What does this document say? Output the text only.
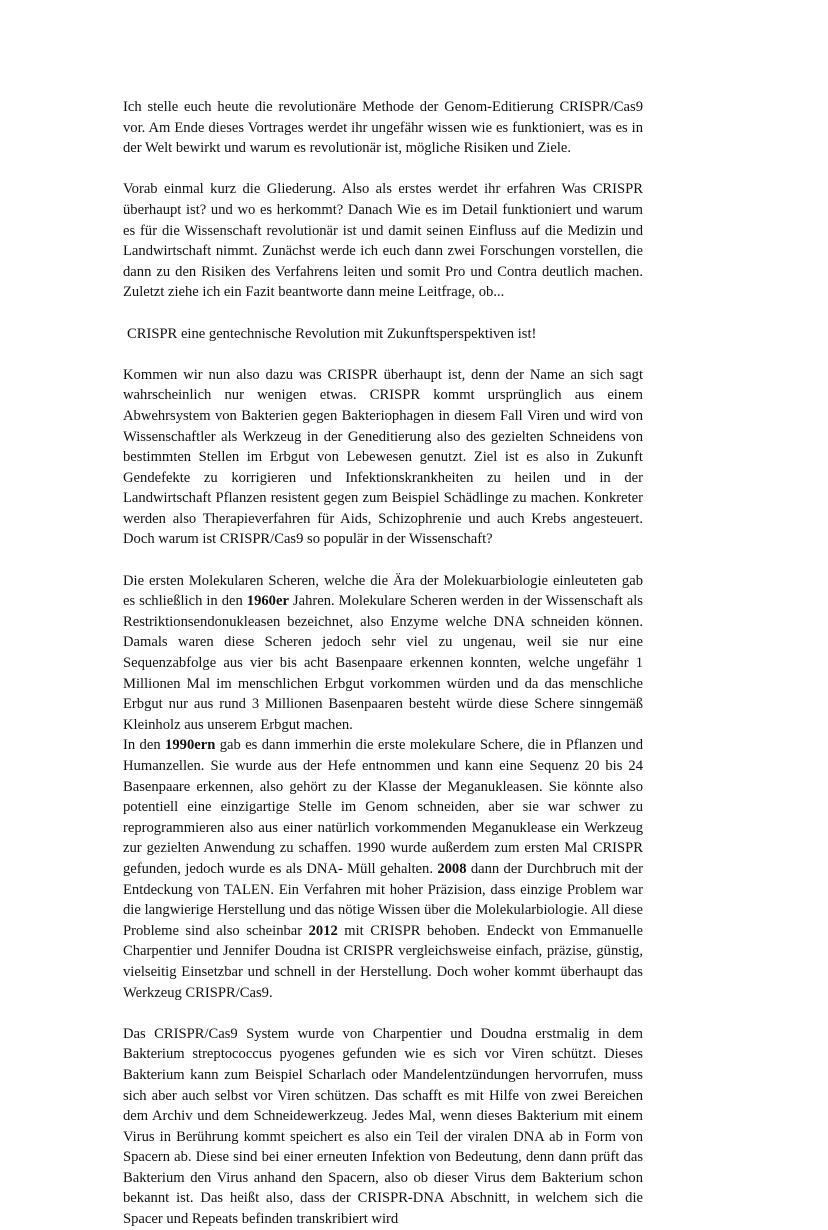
Ich stelle euch heute die revolutionäre Methode der Genom-Editierung CRISPR/Cas9 vor. Am Ende dieses Vortrages werdet ihr ungefähr wissen wie es funktioniert, was es in der Welt bewirkt und warum es revolutionär ist, mögliche Risiken und Ziele.

Vorab einmal kurz die Gliederung. Also als erstes werdet ihr erfahren Was CRISPR überhaupt ist? und wo es herkommt? Danach Wie es im Detail funktioniert und warum es für die Wissenschaft revolutionär ist und damit seinen Einfluss auf die Medizin und Landwirtschaft nimmt. Zunächst werde ich euch dann zwei Forschungen vorstellen, die dann zu den Risiken des Verfahrens leiten und somit Pro und Contra deutlich machen. Zuletzt ziehe ich ein Fazit beantworte dann meine Leitfrage, ob...

CRISPR eine gentechnische Revolution mit Zukunftsperspektiven ist!

Kommen wir nun also dazu was CRISPR überhaupt ist, denn der Name an sich sagt wahrscheinlich nur wenigen etwas. CRISPR kommt ursprünglich aus einem Abwehrsystem von Bakterien gegen Bakteriophagen in diesem Fall Viren und wird von Wissenschaftler als Werkzeug in der Geneditierung also des gezielten Schneidens von bestimmten Stellen im Erbgut von Lebewesen genutzt. Ziel ist es also in Zukunft Gendefekte zu korrigieren und Infektionskrankheiten zu heilen und in der Landwirtschaft Pflanzen resistent gegen zum Beispiel Schädlinge zu machen. Konkreter werden also Therapieverfahren für Aids, Schizophrenie und auch Krebs angesteuert. Doch warum ist CRISPR/Cas9 so populär in der Wissenschaft?

Die ersten Molekularen Scheren, welche die Ära der Molekuarbiologie einleuteten gab es schließlich in den 1960er Jahren. Molekulare Scheren werden in der Wissenschaft als Restriktionsendonukleasen bezeichnet, also Enzyme welche DNA schneiden können. Damals waren diese Scheren jedoch sehr viel zu ungenau, weil sie nur eine Sequenzabfolge aus vier bis acht Basenpaare erkennen konnten, welche ungefähr 1 Millionen Mal im menschlichen Erbgut vorkommen würden und da das menschliche Erbgut nur aus rund 3 Millionen Basenpaaren besteht würde diese Schere sinngemäß Kleinholz aus unserem Erbgut machen.

In den 1990ern gab es dann immerhin die erste molekulare Schere, die in Pflanzen und Humanzellen. Sie wurde aus der Hefe entnommen und kann eine Sequenz 20 bis 24 Basenpaare erkennen, also gehört zu der Klasse der Meganukleasen. Sie könnte also potentiell eine einzigartige Stelle im Genom schneiden, aber sie war schwer zu reprogrammieren also aus einer natürlich vorkommenden Meganuklease ein Werkzeug zur gezielten Anwendung zu schaffen. 1990 wurde außerdem zum ersten Mal CRISPR gefunden, jedoch wurde es als DNA- Müll gehalten. 2008 dann der Durchbruch mit der Entdeckung von TALEN. Ein Verfahren mit hoher Präzision, dass einzige Problem war die langwierige Herstellung und das nötige Wissen über die Molekularbiologie. All diese Probleme sind also scheinbar 2012 mit CRISPR behoben. Endeckt von Emmanuelle Charpentier und Jennifer Doudna ist CRISPR vergleichsweise einfach, präzise, günstig, vielseitig Einsetzbar und schnell in der Herstellung. Doch woher kommt überhaupt das Werkzeug CRISPR/Cas9.

Das CRISPR/Cas9 System wurde von Charpentier und Doudna erstmalig in dem Bakterium streptococcus pyogenes gefunden wie es sich vor Viren schützt. Dieses Bakterium kann zum Beispiel Scharlach oder Mandelentzündungen hervorrufen, muss sich aber auch selbst vor Viren schützen. Das schafft es mit Hilfe von zwei Bereichen dem Archiv und dem Schneidewerkzeug. Jedes Mal, wenn dieses Bakterium mit einem Virus in Berührung kommt speichert es also ein Teil der viralen DNA ab in Form von Spacern ab. Diese sind bei einer erneuten Infektion von Bedeutung, denn dann prüft das Bakterium den Virus anhand den Spacern, also ob dieser Virus dem Bakterium schon bekannt ist. Das heißt also, dass der CRISPR-DNA Abschnitt, in welchem sich die Spacer und Repeats befinden transkribiert wird
